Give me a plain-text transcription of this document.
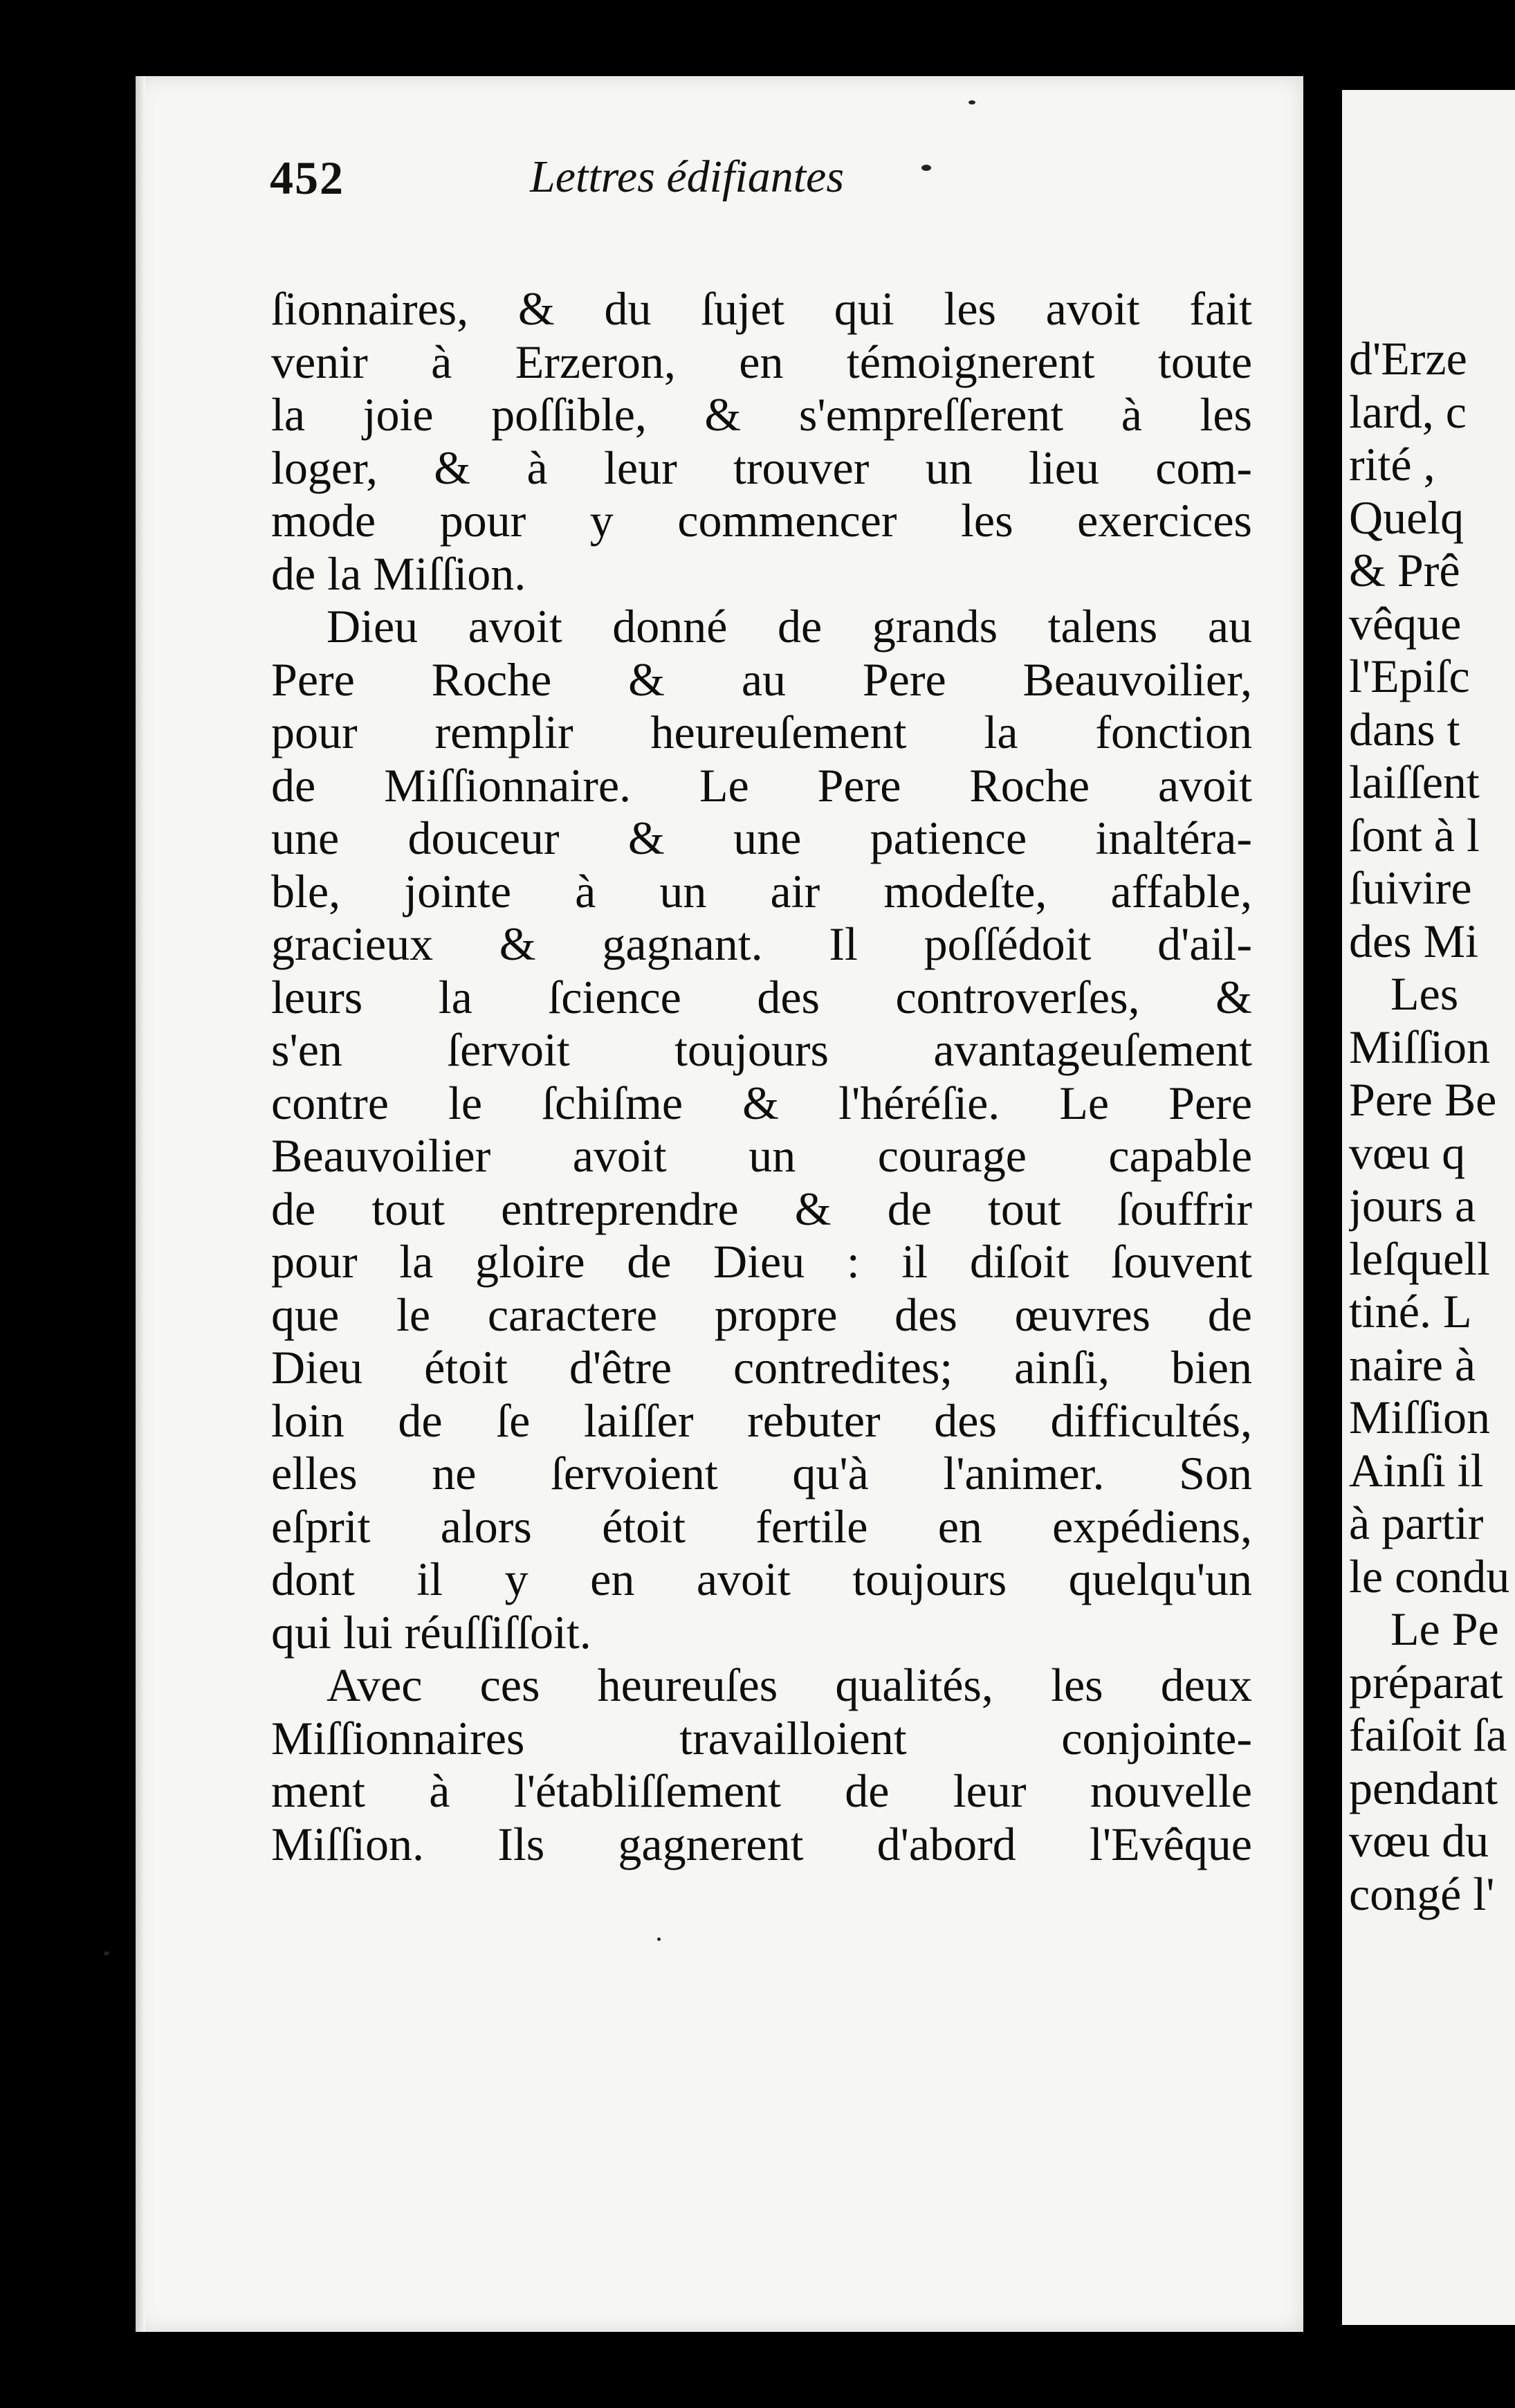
452	Lettres édifiantes
ſionnaires, & du ſujet qui les avoit fait
venir à Erzeron, en témoignerent toute
la joie poſſible, & s'empreſſerent à les
loger, & à leur trouver un lieu com-
mode pour y commencer les exercices
de la Miſſion.
Dieu avoit donné de grands talens au
Pere Roche & au Pere Beauvoilier,
pour remplir heureuſement la fonction
de Miſſionnaire. Le Pere Roche avoit
une douceur & une patience inaltéra-
ble, jointe à un air modeſte, affable,
gracieux & gagnant. Il poſſédoit d'ail-
leurs la ſcience des controverſes, &
s'en ſervoit toujours avantageuſement
contre le ſchiſme & l'héréſie. Le Pere
Beauvoilier avoit un courage capable
de tout entreprendre & de tout ſouffrir
pour la gloire de Dieu : il diſoit ſouvent
que le caractere propre des œuvres de
Dieu étoit d'être contredites; ainſi, bien
loin de ſe laiſſer rebuter des difficultés,
elles ne ſervoient qu'à l'animer. Son
eſprit alors étoit fertile en expédiens,
dont il y en avoit toujours quelqu'un
qui lui réuſſiſſoit.
Avec ces heureuſes qualités, les deux
Miſſionnaires travailloient conjointe-
ment à l'établiſſement de leur nouvelle
Miſſion. Ils gagnerent d'abord l'Evêque
d'Erze
lard, c
rité ,
Quelq
& Prê
vêque
l'Epiſc
dans t
laiſſent
ſont à l
ſuivire
des Mi
Les
Miſſion
Pere Be
vœu q
jours a
leſquell
tiné. L
naire à
Miſſion
Ainſi il
à partir
le condu
Le Pe
préparat
faiſoit ſa
pendant
vœu du
congé l'
